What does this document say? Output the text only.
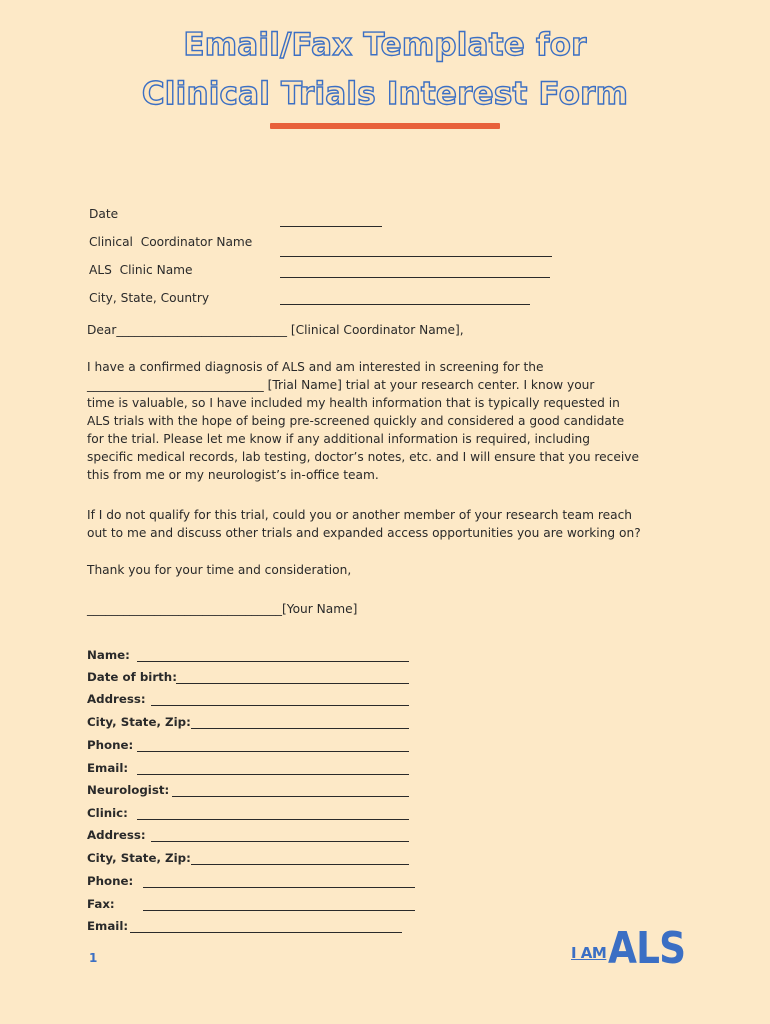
Email/Fax Template for
Clinical Trials Interest Form
Date
Clinical  Coordinator Name
ALS  Clinic Name
City, State, Country
Dear____________________________ [Clinical Coordinator Name],
I have a confirmed diagnosis of ALS and am interested in screening for the
_____________________________ [Trial Name] trial at your research center. I know your
time is valuable, so I have included my health information that is typically requested in
ALS trials with the hope of being pre-screened quickly and considered a good candidate
for the trial. Please let me know if any additional information is required, including
specific medical records, lab testing, doctor’s notes, etc. and I will ensure that you receive
this from me or my neurologist’s in-office team.
If I do not qualify for this trial, could you or another member of your research team reach
out to me and discuss other trials and expanded access opportunities you are working on?
Thank you for your time and consideration,
________________________________[Your Name]
Name:
Date of birth:
Address:
City, State, Zip:
Phone:
Email:
Neurologist:
Clinic:
Address:
City, State, Zip:
Phone:
Fax:
Email:
1	I AM ALS
